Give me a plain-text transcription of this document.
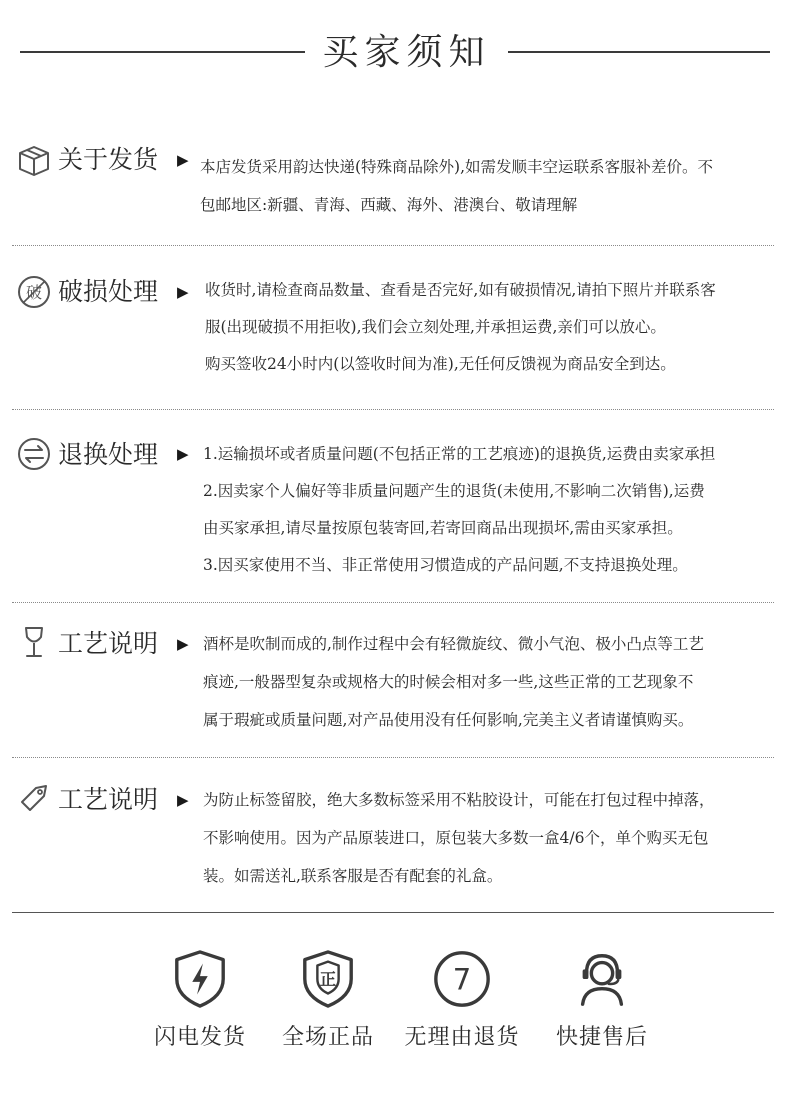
买家须知
关于发货 ▶ 本店发货采用韵达快递(特殊商品除外),如需发顺丰空运联系客服补差价。不
包邮地区:新疆、青海、西藏、海外、港澳台、敬请理解
破 破损处理 ▶ 收货时,请检查商品数量、查看是否完好,如有破损情况,请拍下照片并联系客
服(出现破损不用拒收),我们会立刻处理,并承担运费,亲们可以放心。
购买签收24小时内(以签收时间为准),无任何反馈视为商品安全到达。
退换处理 ▶ 1.运输损坏或者质量问题(不包括正常的工艺痕迹)的退换货,运费由卖家承担
2.因卖家个人偏好等非质量问题产生的退货(未使用,不影响二次销售),运费
由买家承担,请尽量按原包装寄回,若寄回商品出现损坏,需由买家承担。
3.因买家使用不当、非正常使用习惯造成的产品问题,不支持退换处理。
工艺说明 ▶ 酒杯是吹制而成的,制作过程中会有轻微旋纹、微小气泡、极小凸点等工艺
痕迹,一般器型复杂或规格大的时候会相对多一些,这些正常的工艺现象不
属于瑕疵或质量问题,对产品使用没有任何影响,完美主义者请谨慎购买。
工艺说明 ▶ 为防止标签留胶，绝大多数标签采用不粘胶设计，可能在打包过程中掉落，
不影响使用。因为产品原装进口，原包装大多数一盒4/6个，单个购买无包
装。如需送礼,联系客服是否有配套的礼盒。
闪电发货
正
全场正品
7
无理由退货	快捷售后
